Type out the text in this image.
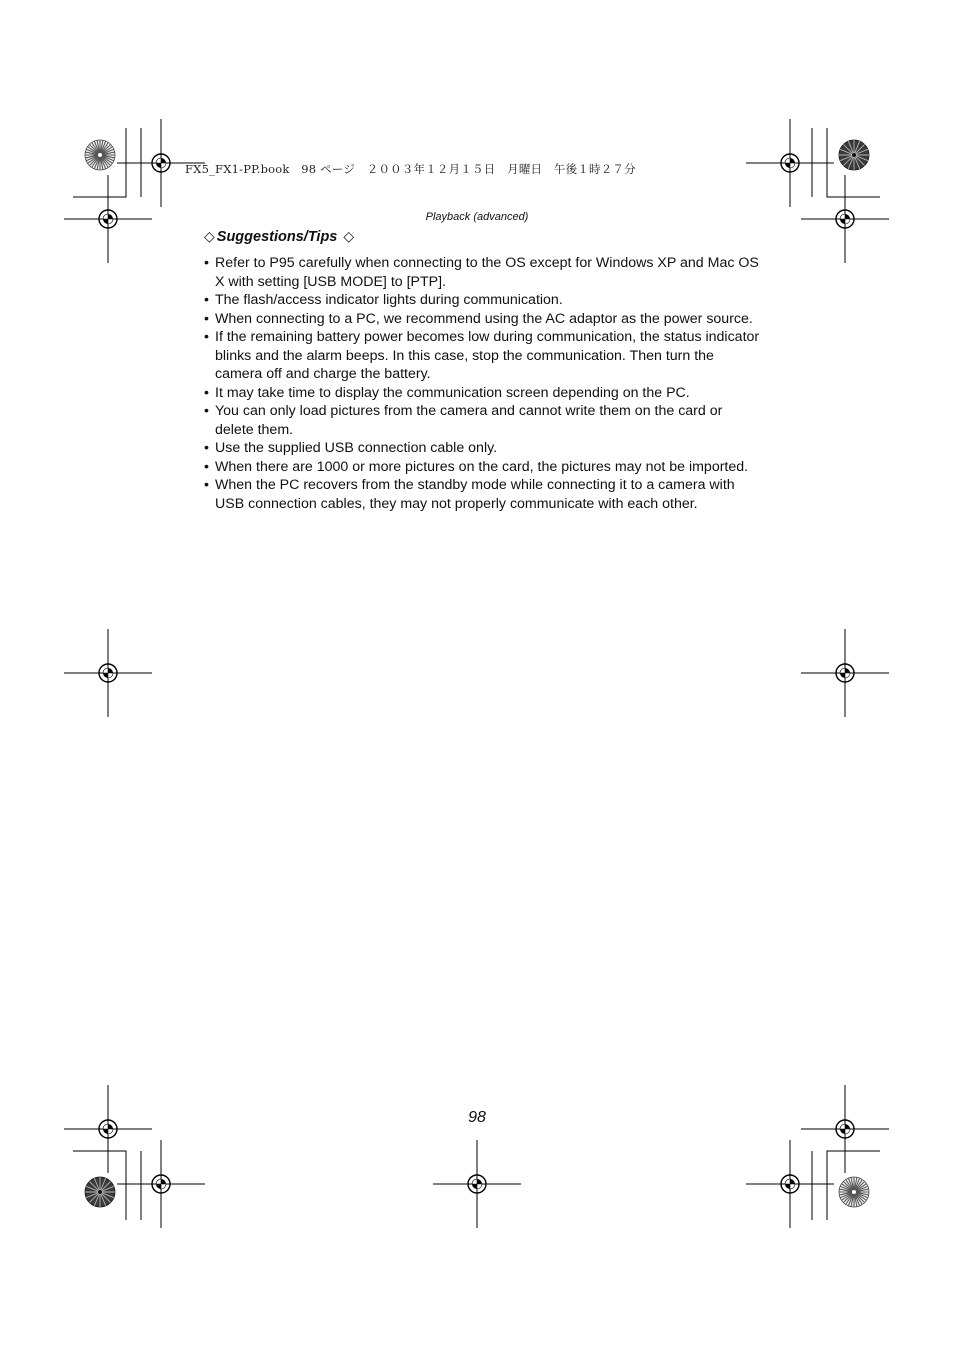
FX5_FX1-PP.book　98 ページ　２００３年１２月１５日　月曜日　午後１時２７分
Playback (advanced)
◇ Suggestions/Tips ◇
• Refer to P95 carefully when connecting to the OS except for Windows XP and Mac OS X with setting [USB MODE] to [PTP].
• The flash/access indicator lights during communication.
• When connecting to a PC, we recommend using the AC adaptor as the power source.
• If the remaining battery power becomes low during communication, the status indicator blinks and the alarm beeps. In this case, stop the communication. Then turn the camera off and charge the battery.
• It may take time to display the communication screen depending on the PC.
• You can only load pictures from the camera and cannot write them on the card or delete them.
• Use the supplied USB connection cable only.
• When there are 1000 or more pictures on the card, the pictures may not be imported.
• When the PC recovers from the standby mode while connecting it to a camera with USB connection cables, they may not properly communicate with each other.
98
